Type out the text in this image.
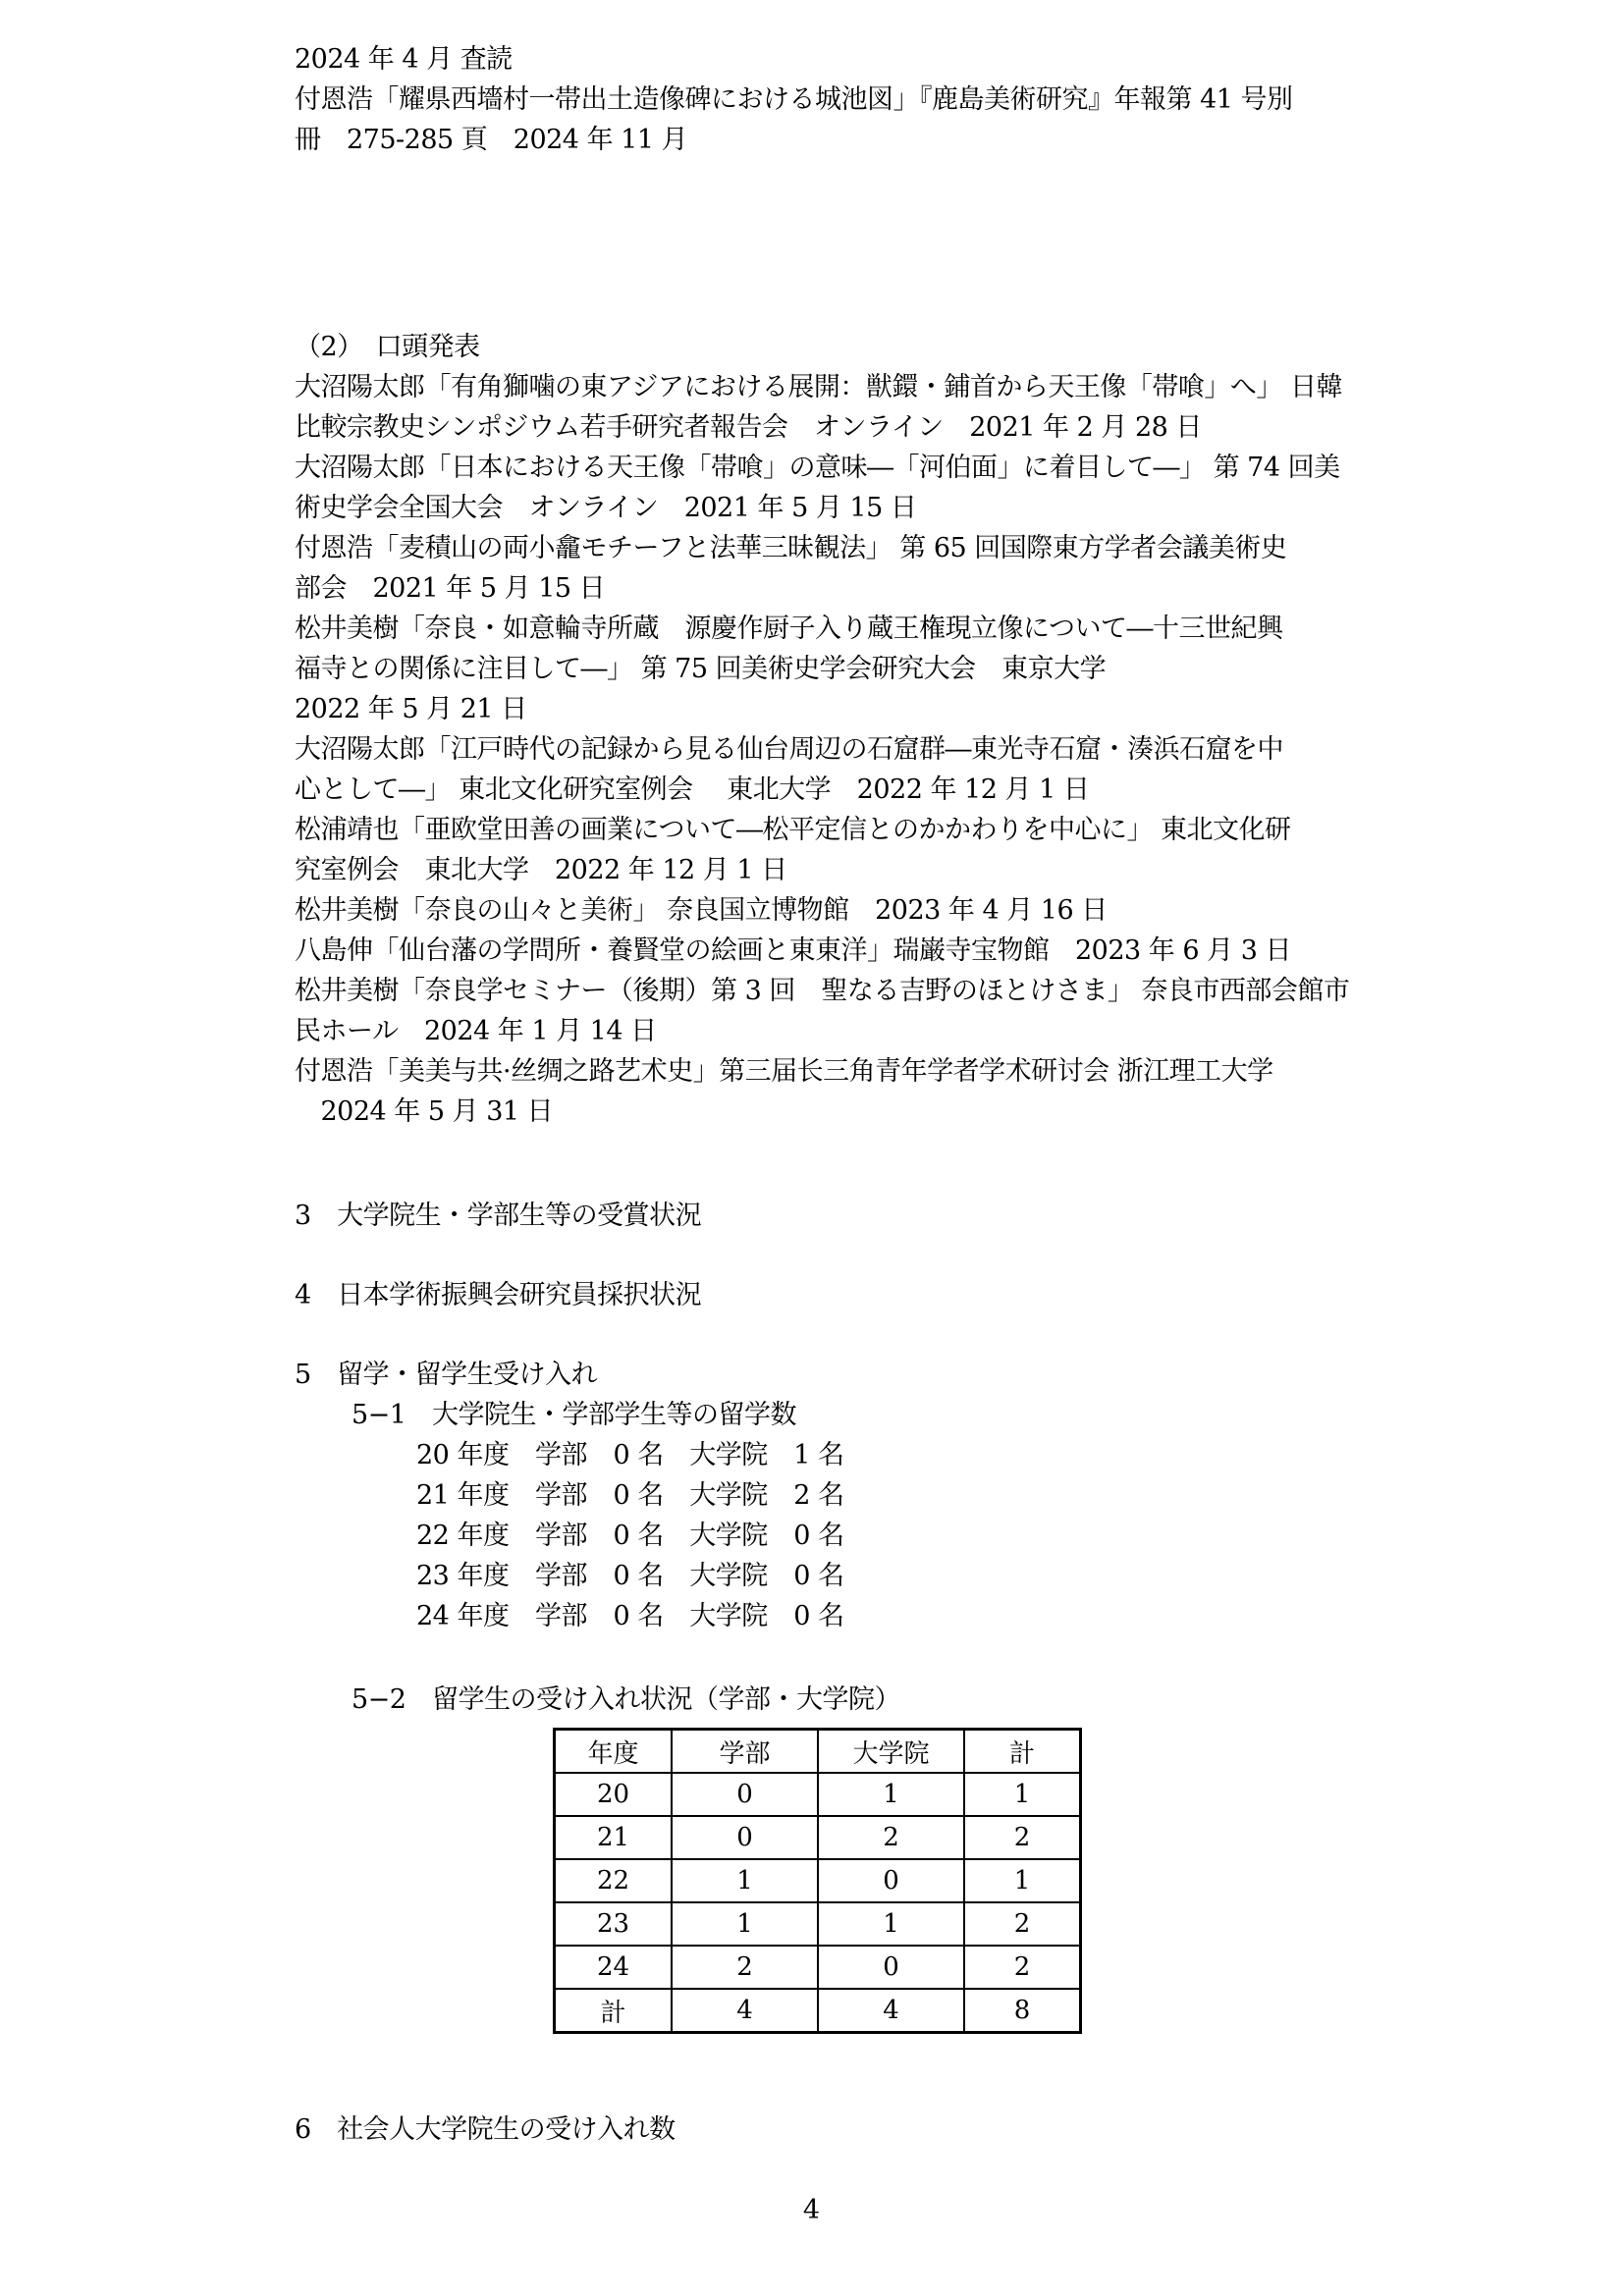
2024 年 4 月 査読
付恩浩「耀県西墻村一帯出土造像碑における城池図」『鹿島美術研究』年報第 41 号別
冊　275-285 頁　2024 年 11 月
（2）　口頭発表
大沼陽太郎「有角獅噛の東アジアにおける展開：獣鐶・鋪首から天王像「帯喰」へ」 日韓
比較宗教史シンポジウム若手研究者報告会　オンライン　2021 年 2 月 28 日
大沼陽太郎「日本における天王像「帯喰」の意味―「河伯面」に着目して―」 第 74 回美
術史学会全国大会　オンライン　2021 年 5 月 15 日
付恩浩「麦積山の両小龕モチーフと法華三昧観法」 第 65 回国際東方学者会議美術史
部会　2021 年 5 月 15 日
松井美樹「奈良・如意輪寺所蔵　源慶作厨子入り蔵王権現立像について―十三世紀興
福寺との関係に注目して―」 第 75 回美術史学会研究大会　東京大学
2022 年 5 月 21 日
大沼陽太郎「江戸時代の記録から見る仙台周辺の石窟群―東光寺石窟・湊浜石窟を中
心として―」 東北文化研究室例会　 東北大学　2022 年 12 月 1 日
松浦靖也「亜欧堂田善の画業について―松平定信とのかかわりを中心に」 東北文化研
究室例会　東北大学　2022 年 12 月 1 日
松井美樹「奈良の山々と美術」 奈良国立博物館　2023 年 4 月 16 日
八島伸「仙台藩の学問所・養賢堂の絵画と東東洋」瑞巌寺宝物館　2023 年 6 月 3 日
松井美樹「奈良学セミナー（後期）第 3 回　聖なる吉野のほとけさま」 奈良市西部会館市
民ホール　2024 年 1 月 14 日
付恩浩「美美与共·丝绸之路艺术史」第三届长三角青年学者学术研讨会 浙江理工大学
　2024 年 5 月 31 日
3　大学院生・学部生等の受賞状況
4　日本学術振興会研究員採択状況
5　留学・留学生受け入れ
5−1　大学院生・学部学生等の留学数
20 年度　学部　0 名　大学院　1 名
21 年度　学部　0 名　大学院　2 名
22 年度　学部　0 名　大学院　0 名
23 年度　学部　0 名　大学院　0 名
24 年度　学部　0 名　大学院　0 名
5−2　留学生の受け入れ状況（学部・大学院）
年度	学部	大学院	計
20	0	1	1
21	0	2	2
22	1	0	1
23	1	1	2
24	2	0	2
計	4	4	8
6　社会人大学院生の受け入れ数
4
